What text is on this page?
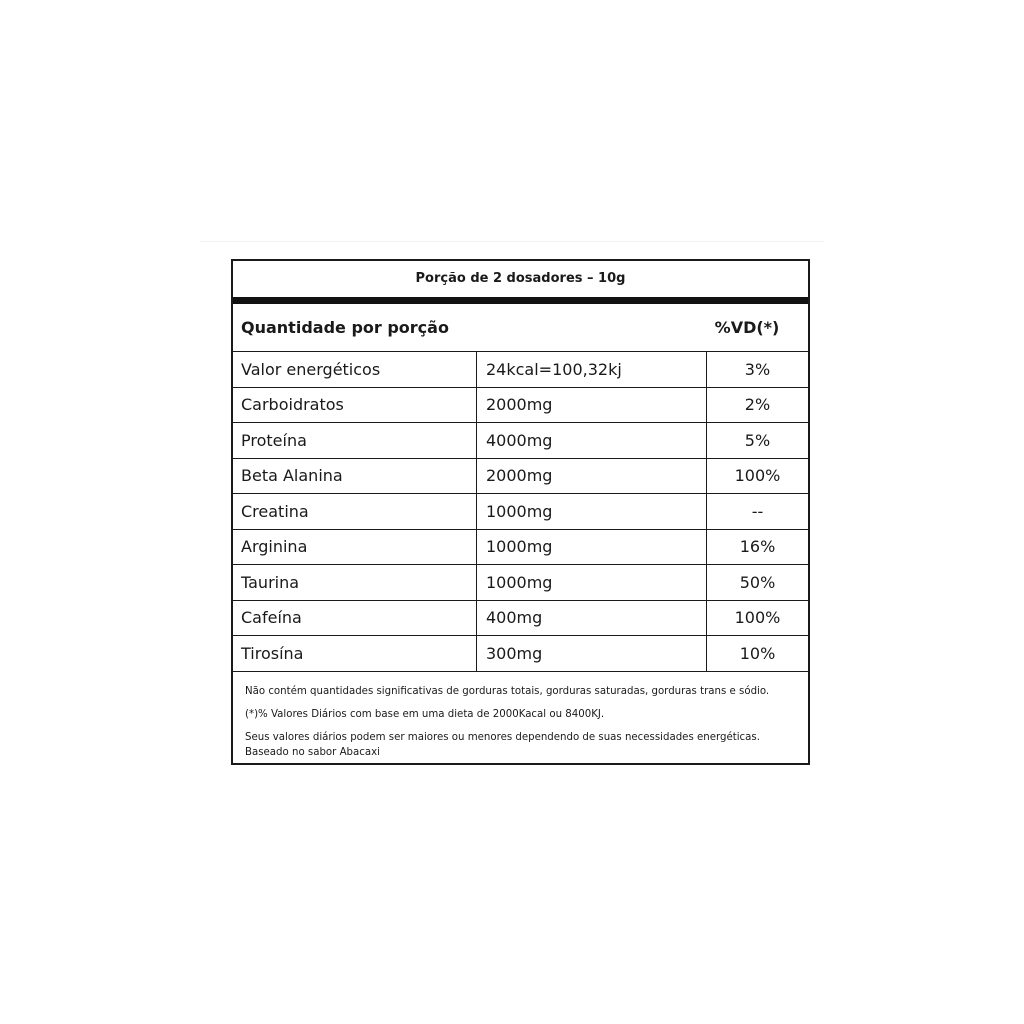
Porção de 2 dosadores – 10g
Quantidade por porção	%VD(*)
Valor energéticos	24kcal=100,32kj	3%
Carboidratos	2000mg	2%
Proteína	4000mg	5%
Beta Alanina	2000mg	100%
Creatina	1000mg	--
Arginina	1000mg	16%
Taurina	1000mg	50%
Cafeína	400mg	100%
Tirosína	300mg	10%
Não contém quantidades significativas de gorduras totais, gorduras saturadas, gorduras trans e sódio.
(*)% Valores Diários com base em uma dieta de 2000Kacal ou 8400KJ.
Seus valores diários podem ser maiores ou menores dependendo de suas necessidades energéticas.
Baseado no sabor Abacaxi
